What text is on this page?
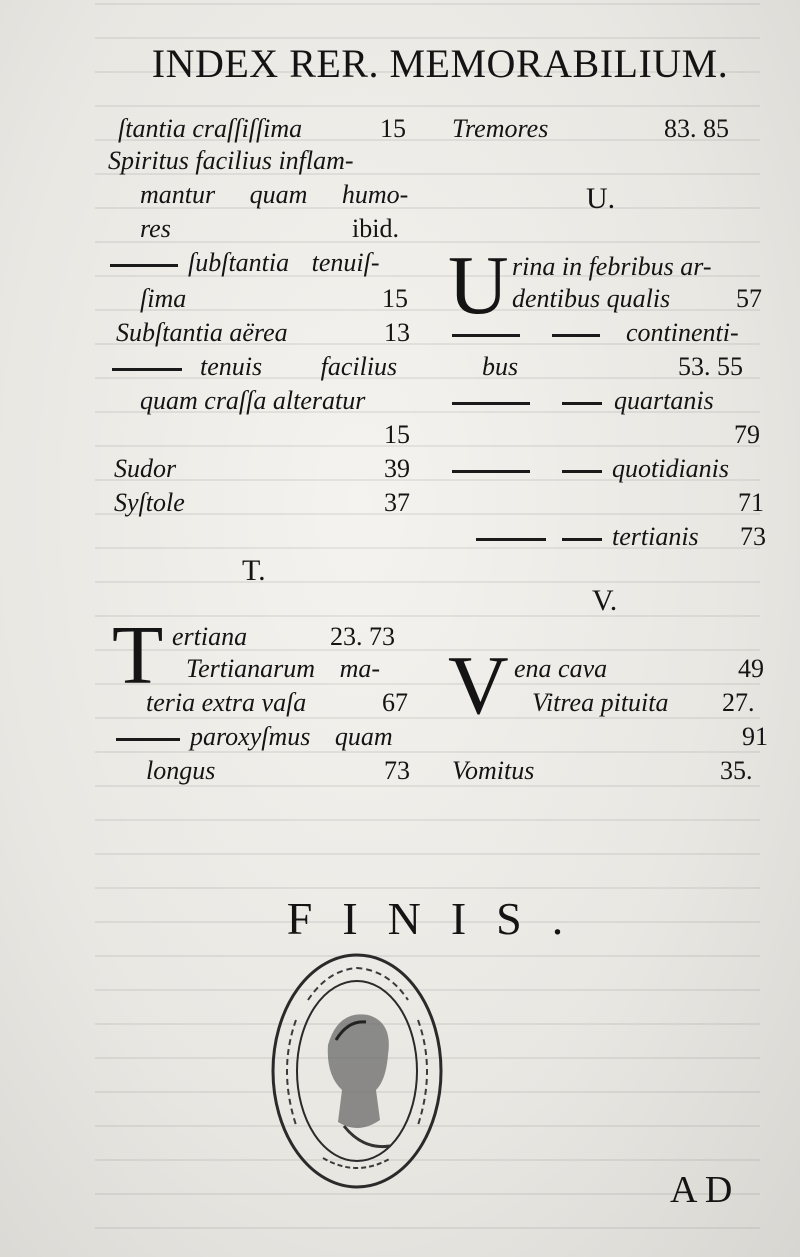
INDEX RER. MEMORABILIUM.
ſtantia craſſiſſima	15
Spiritus facilius inflam-
mantur quam humo-
res	ibid.
ſubſtantia tenuiſ-
ſima	15
Subſtantia aërea	13
tenuis facilius
quam craſſa alteratur
15
Sudor	39
Syſtole	37
T.
T ertiana	23. 73
Tertianarum ma-
teria extra vaſa	67
paroxyſmus quam
longus	73
Tremores	83. 85
U.
U rina in febribus ar-
dentibus qualis	57
continenti-
bus	53. 55
quartanis
79
quotidianis
71
tertianis 73
V.
V ena cava	49
Vitrea pituita 27.
91
Vomitus	35.
FINIS.
A D
